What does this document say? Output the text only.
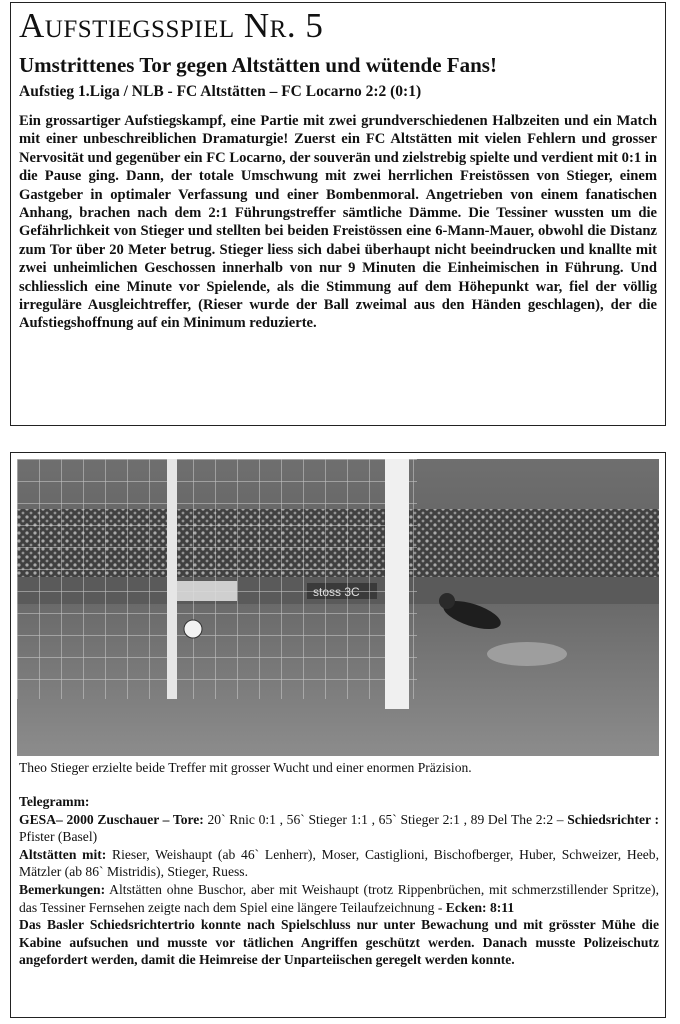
Aufstiegsspiel Nr. 5
Umstrittenes Tor gegen Altstätten und wütende Fans!
Aufstieg 1.Liga / NLB - FC Altstätten – FC Locarno 2:2 (0:1)

Ein grossartiger Aufstiegskampf, eine Partie mit zwei grundverschiedenen Halbzeiten und ein Match mit einer unbeschreiblichen Dramaturgie! Zuerst ein FC Altstätten mit vielen Fehlern und grosser Nervosität und gegenüber ein FC Locarno, der souverän und zielstrebig spielte und verdient mit 0:1 in die Pause ging. Dann, der totale Umschwung mit zwei herrlichen Freistössen von Stieger, einem Gastgeber in optimaler Verfassung und einer Bombenmoral. Angetrieben von einem fanatischen Anhang, brachen nach dem 2:1 Führungstreffer sämtliche Dämme. Die Tessiner wussten um die Gefährlichkeit von Stieger und stellten bei beiden Freistössen eine 6-Mann-Mauer, obwohl die Distanz zum Tor über 20 Meter betrug. Stieger liess sich dabei überhaupt nicht beeindrucken und knallte mit zwei unheimlichen Geschossen innerhalb von nur 9 Minuten die Einheimischen in Führung. Und schliesslich eine Minute vor Spielende, als die Stimmung auf dem Höhepunkt war, fiel der völlig irreguläre Ausgleichtreffer, (Rieser wurde der Ball zweimal aus den Händen geschlagen), der die Aufstiegshoffnung auf ein Minimum reduzierte.

Theo Stieger erzielte beide Treffer mit grosser Wucht und einer enormen Präzision.

Telegramm:

GESA– 2000 Zuschauer – Tore: 20` Rnic 0:1 , 56` Stieger 1:1 , 65` Stieger 2:1 , 89 Del The 2:2 – Schiedsrichter : Pfister (Basel)

Altstätten mit: Rieser, Weishaupt (ab 46` Lenherr), Moser, Castiglioni, Bischofberger, Huber, Schweizer, Heeb, Mätzler (ab 86` Mistridis), Stieger, Ruess.

Bemerkungen: Altstätten ohne Buschor, aber mit Weishaupt (trotz Rippenbrüchen, mit schmerzstillender Spritze), das Tessiner Fernsehen zeigte nach dem Spiel eine längere Teilaufzeichnung - Ecken: 8:11

Das Basler Schiedsrichtertrio konnte nach Spielschluss nur unter Bewachung und mit grösster Mühe die Kabine aufsuchen und musste vor tätlichen Angriffen geschützt werden. Danach musste Polizeischutz angefordert werden, damit die Heimreise der Unparteiischen geregelt werden konnte.
